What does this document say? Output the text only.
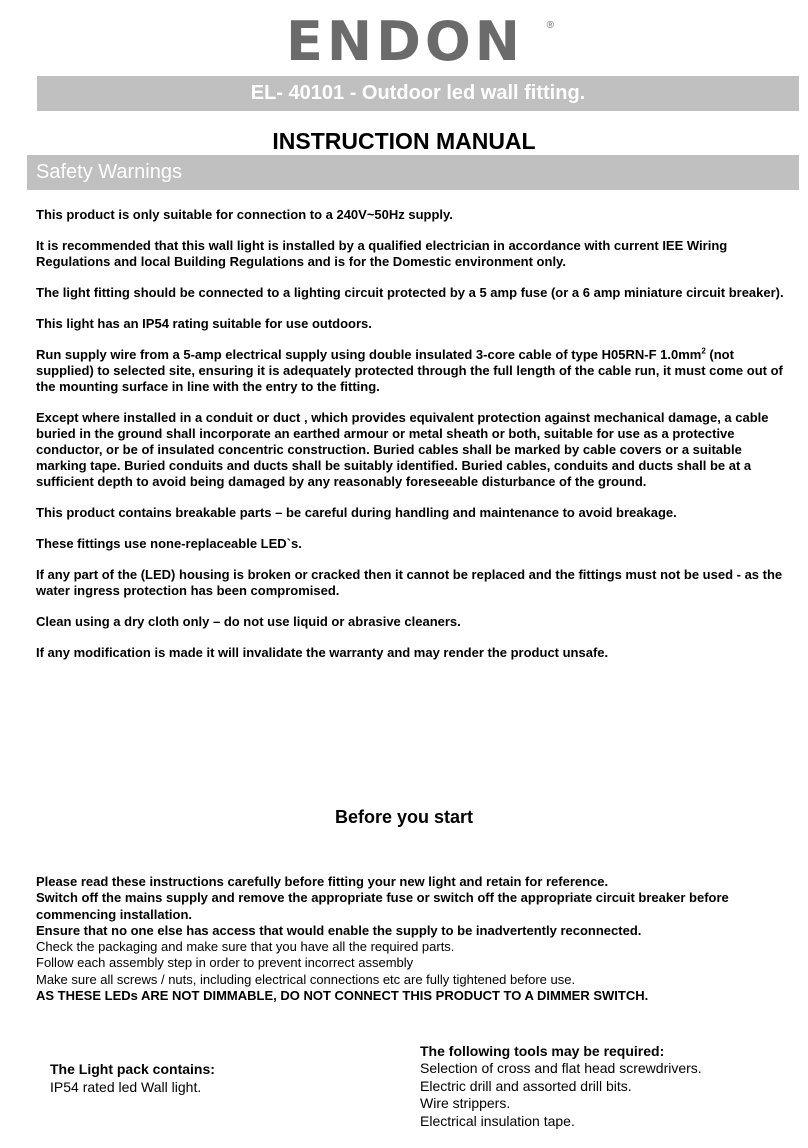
ENDON ®
EL- 40101 - Outdoor led wall fitting.
INSTRUCTION MANUAL
Safety Warnings

This product is only suitable for connection to a 240V~50Hz supply.

It is recommended that this wall light is installed by a qualified electrician in accordance with current IEE Wiring Regulations and local Building Regulations and is for the Domestic environment only.

The light fitting should be connected to a lighting circuit protected by a 5 amp fuse (or a 6 amp miniature circuit breaker).

This light has an IP54 rating suitable for use outdoors.

Run supply wire from a 5-amp electrical supply using double insulated 3-core cable of type H05RN-F $1.0mm^2$ (not supplied) to selected site, ensuring it is adequately protected through the full length of the cable run, it must come out of the mounting surface in line with the entry to the fitting.

Except where installed in a conduit or duct , which provides equivalent protection against mechanical damage, a cable buried in the ground shall incorporate an earthed armour or metal sheath or both, suitable for use as a protective conductor, or be of insulated concentric construction. Buried cables shall be marked by cable covers or a suitable marking tape. Buried conduits and ducts shall be suitably identified. Buried cables, conduits and ducts shall be at a sufficient depth to avoid being damaged by any reasonably foreseeable disturbance of the ground.

This product contains breakable parts – be careful during handling and maintenance to avoid breakage.

These fittings use none-replaceable LED`s.

If any part of the (LED) housing is broken or cracked then it cannot be replaced and the fittings must not be used - as the water ingress protection has been compromised.

Clean using a dry cloth only – do not use liquid or abrasive cleaners.

If any modification is made it will invalidate the warranty and may render the product unsafe.

Before you start
Please read these instructions carefully before fitting your new light and retain for reference.
Switch off the mains supply and remove the appropriate fuse or switch off the appropriate circuit breaker before commencing installation.
Ensure that no one else has access that would enable the supply to be inadvertently reconnected.
Check the packaging and make sure that you have all the required parts.
Follow each assembly step in order to prevent incorrect assembly
Make sure all screws / nuts, including electrical connections etc are fully tightened before use.
AS THESE LEDs ARE NOT DIMMABLE, DO NOT CONNECT THIS PRODUCT TO A DIMMER SWITCH.
The Light pack contains:
IP54 rated led Wall light.
The following tools may be required:
Selection of cross and flat head screwdrivers.
Electric drill and assorted drill bits.
Wire strippers.
Electrical insulation tape.
